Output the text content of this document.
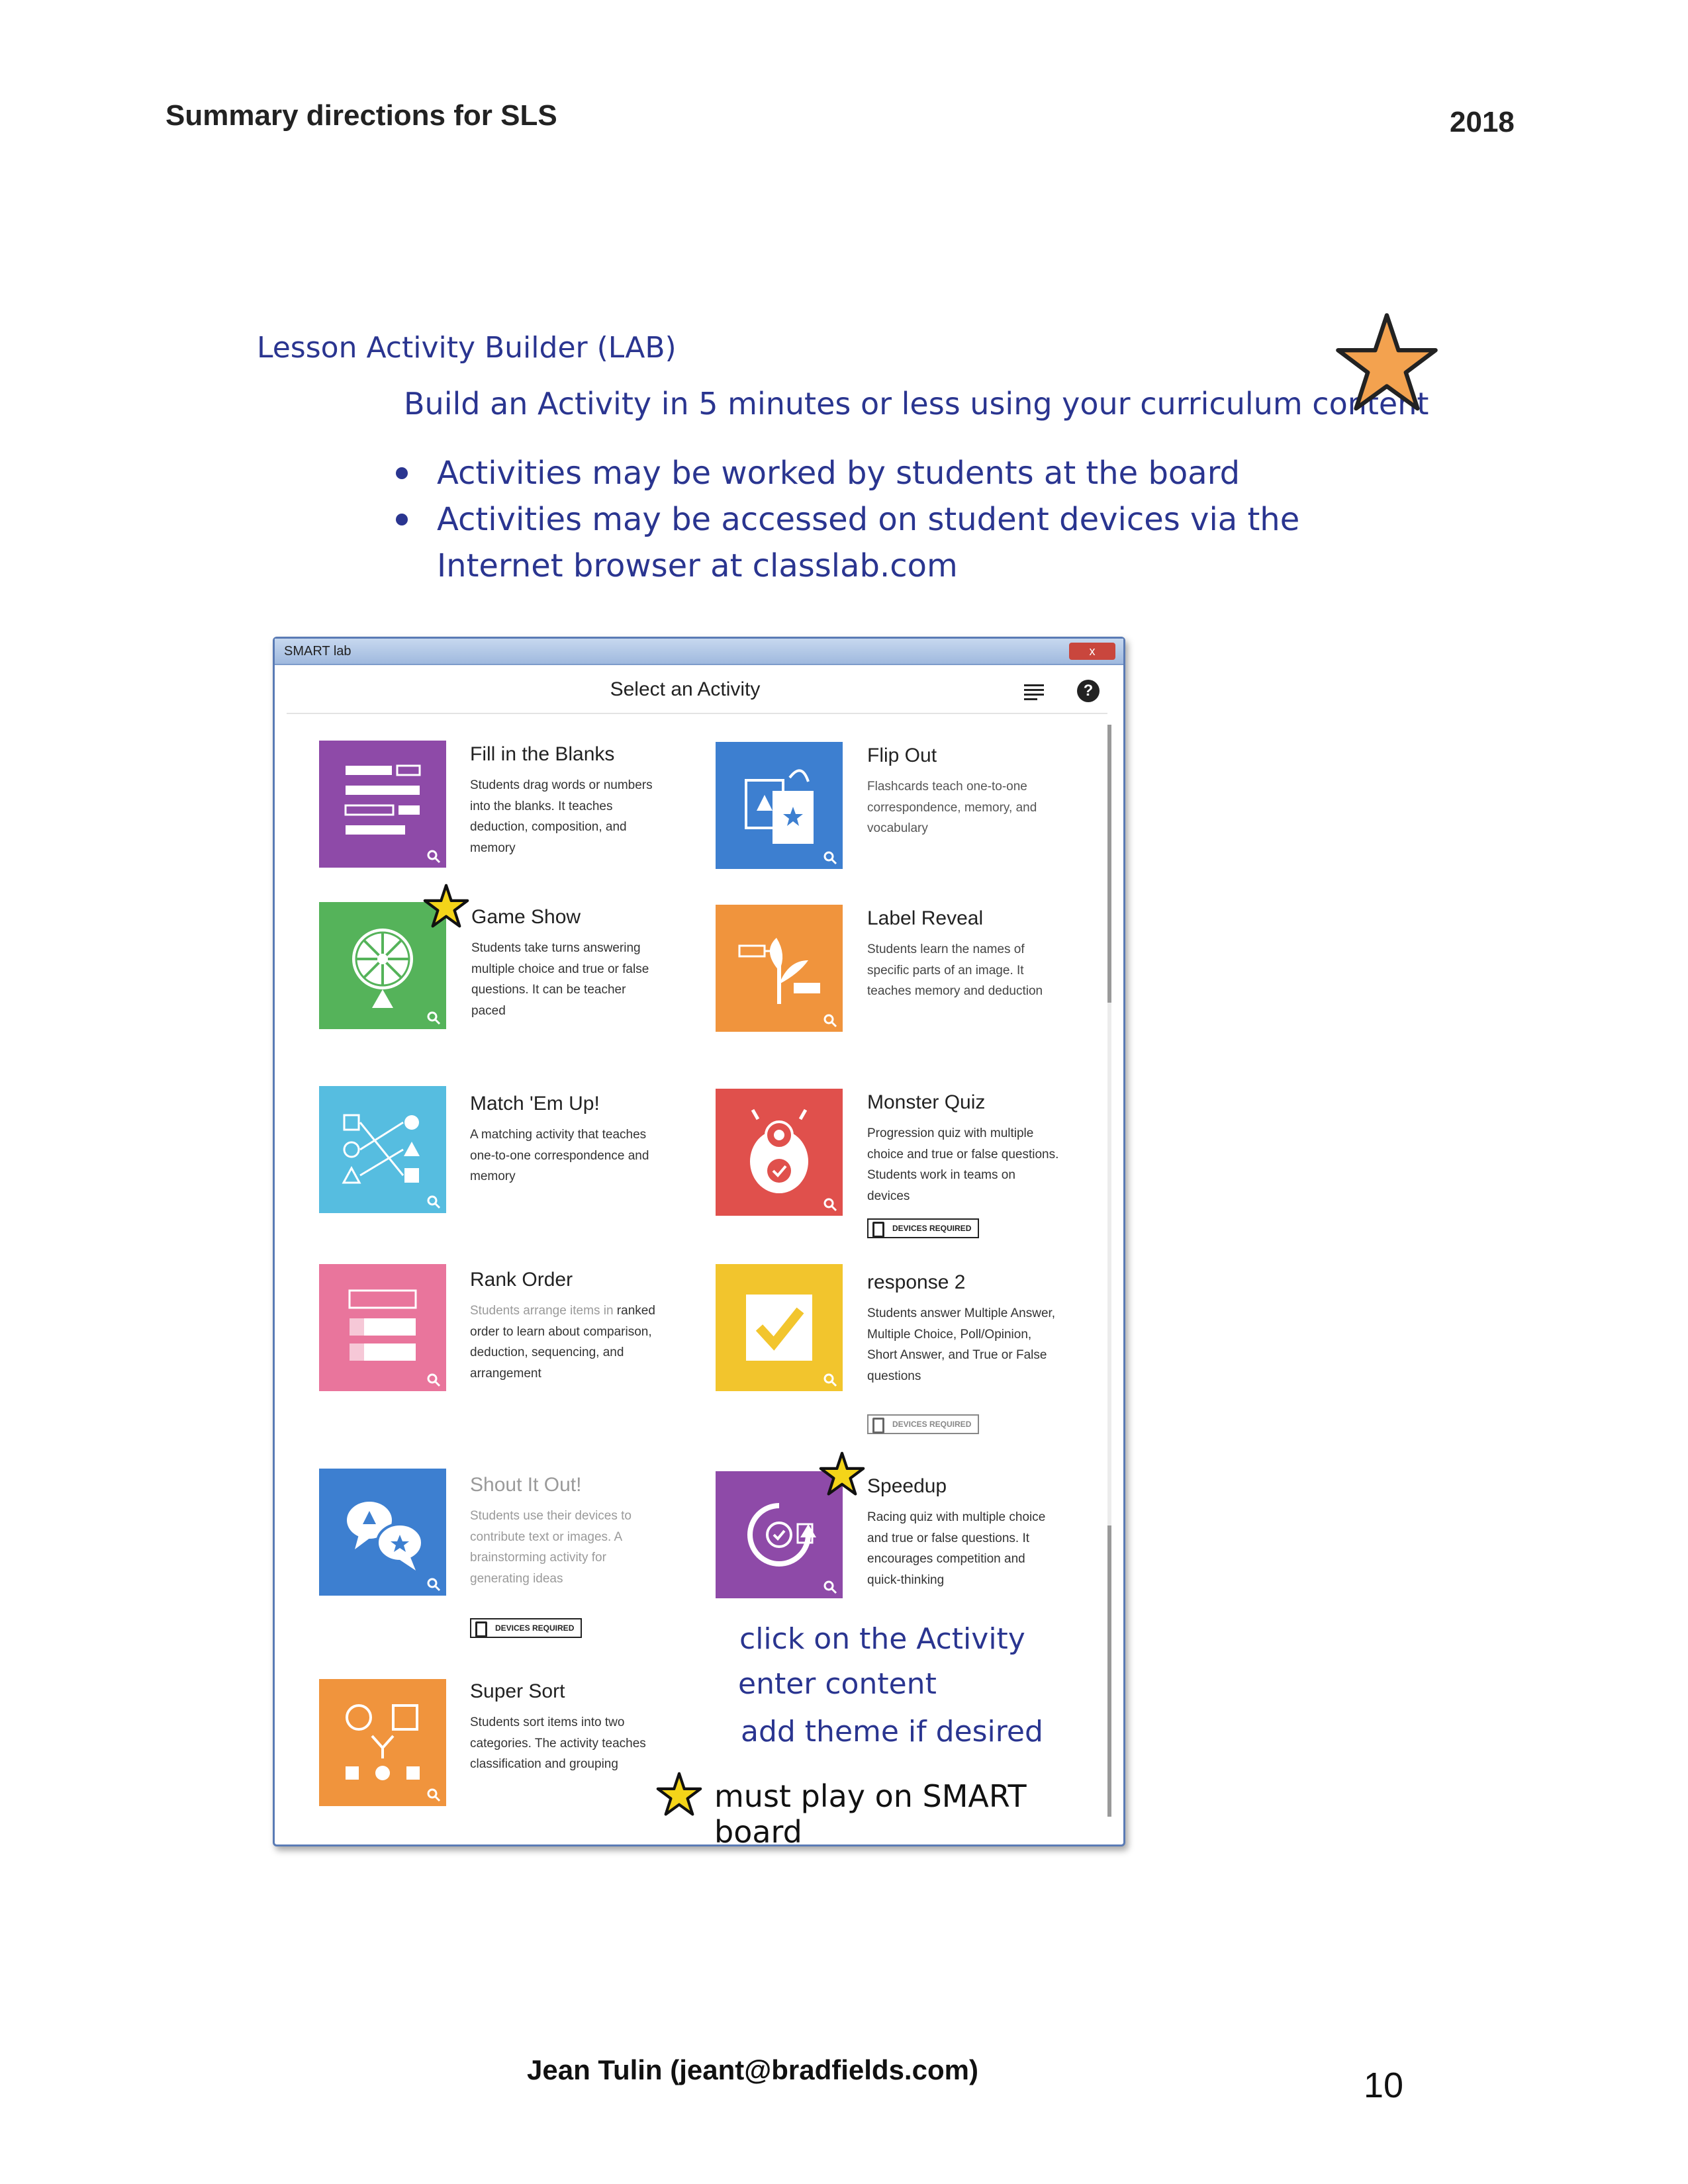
Summary directions for SLS	2018
Lesson Activity Builder (LAB)
Build an Activity in 5 minutes or less using your curriculum content
Activities may be worked by students at the board
Activities may be accessed on student devices via the
Internet browser at classlab.com
SMART lab	x
Select an Activity	?
Fill in the Blanks
Students drag words or numbers into the blanks. It teaches deduction, composition, and memory
Flip Out
Flashcards teach one-to-one correspondence, memory, and vocabulary
Game Show
Students take turns answering multiple choice and true or false questions. It can be teacher paced
Label Reveal
Students learn the names of specific parts of an image. It teaches memory and deduction
Match 'Em Up!
A matching activity that teaches one-to-one correspondence and memory
Monster Quiz
Progression quiz with multiple choice and true or false questions. Students work in teams on devices
DEVICES REQUIRED
Rank Order
Students arrange items in ranked order to learn about comparison, deduction, sequencing, and arrangement
response 2
Students answer Multiple Answer, Multiple Choice, Poll/Opinion, Short Answer, and True or False questions
DEVICES REQUIRED
Shout It Out!
Students use their devices to contribute text or images. A brainstorming activity for generating ideas
DEVICES REQUIRED
Speedup
Racing quiz with multiple choice and true or false questions. It encourages competition and quick-thinking
Super Sort
Students sort items into two categories. The activity teaches classification and grouping
click on the Activity
enter content
add theme if desired
must play on SMART board
Jean Tulin (jeant@bradfields.com)	10
